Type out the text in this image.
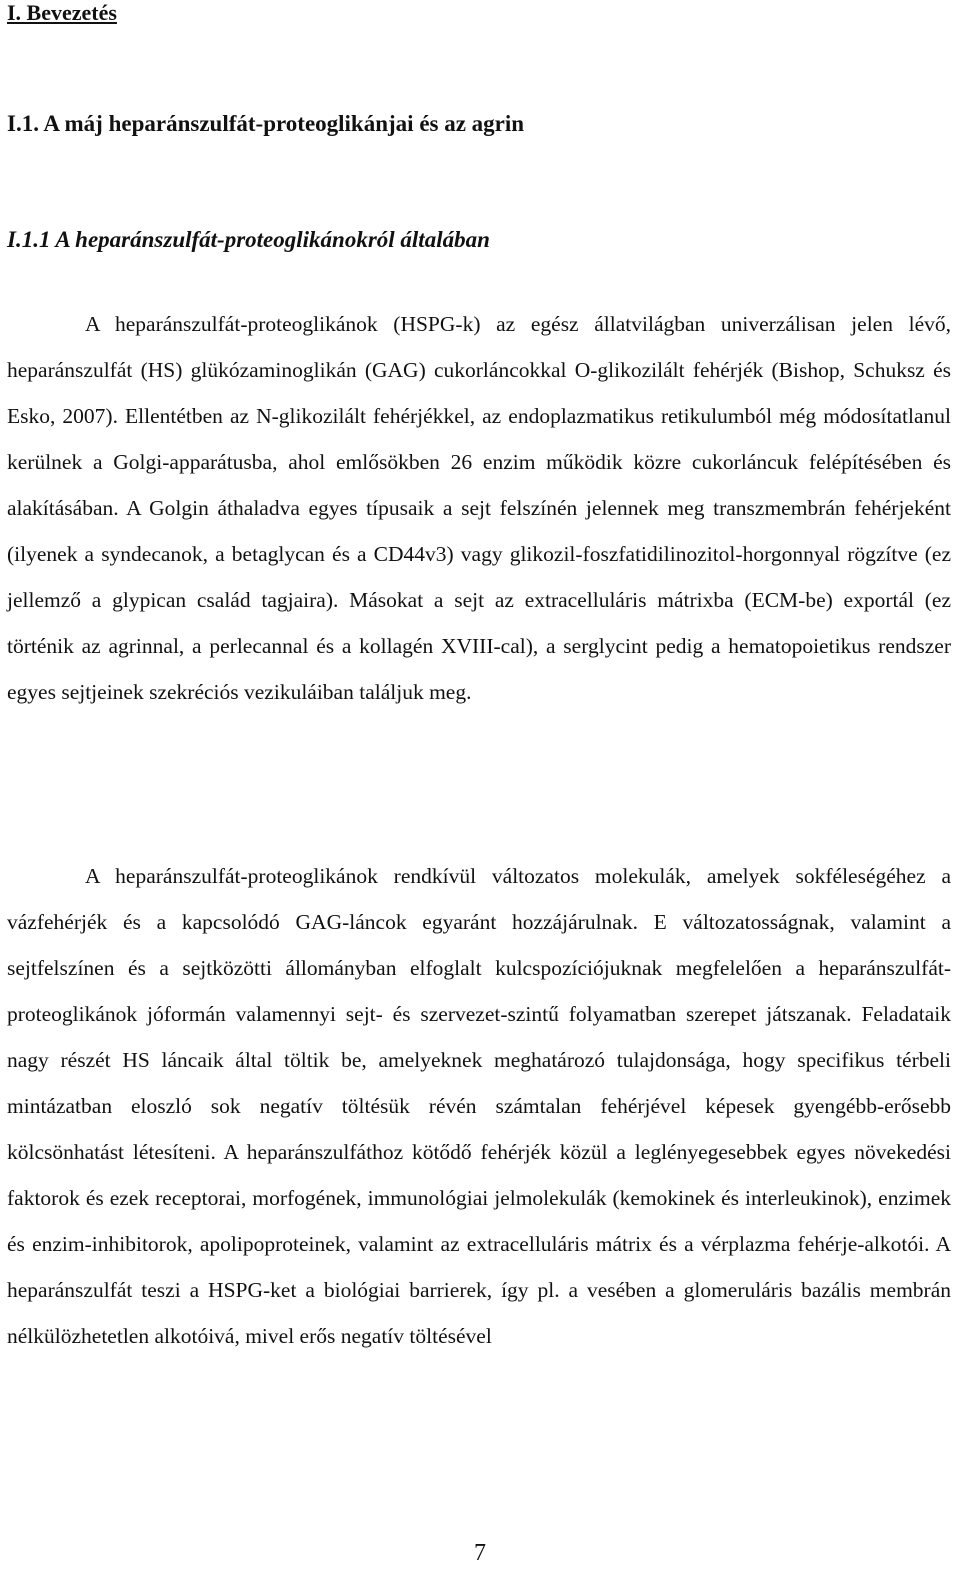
I. Bevezetés
I.1. A máj heparánszulfát-proteoglikánjai és az agrin
I.1.1 A heparánszulfát-proteoglikánokról általában

A heparánszulfát-proteoglikánok (HSPG-k) az egész állatvilágban univerzálisan jelen lévő, heparánszulfát (HS) glükózaminoglikán (GAG) cukorláncokkal O-glikozilált fehérjék (Bishop, Schuksz és Esko, 2007). Ellentétben az N-glikozilált fehérjékkel, az endoplazmatikus retikulumból még módosítatlanul kerülnek a Golgi-apparátusba, ahol emlősökben 26 enzim működik közre cukorláncuk felépítésében és alakításában. A Golgin áthaladva egyes típusaik a sejt felszínén jelennek meg transzmembrán fehérjeként (ilyenek a syndecanok, a betaglycan és a CD44v3) vagy glikozil-foszfatidilinozitol-horgonnyal rögzítve (ez jellemző a glypican család tagjaira). Másokat a sejt az extracelluláris mátrixba (ECM-be) exportál (ez történik az agrinnal, a perlecannal és a kollagén XVIII-cal), a serglycint pedig a hematopoietikus rendszer egyes sejtjeinek szekréciós vezikuláiban találjuk meg.

A heparánszulfát-proteoglikánok rendkívül változatos molekulák, amelyek sokféleségéhez a vázfehérjék és a kapcsolódó GAG-láncok egyaránt hozzájárulnak. E változatosságnak, valamint a sejtfelszínen és a sejtközötti állományban elfoglalt kulcspozíciójuknak megfelelően a heparánszulfát-proteoglikánok jóformán valamennyi sejt- és szervezet-szintű folyamatban szerepet játszanak. Feladataik nagy részét HS láncaik által töltik be, amelyeknek meghatározó tulajdonsága, hogy specifikus térbeli mintázatban eloszló sok negatív töltésük révén számtalan fehérjével képesek gyengébb-erősebb kölcsönhatást létesíteni. A heparánszulfáthoz kötődő fehérjék közül a leglényegesebbek egyes növekedési faktorok és ezek receptorai, morfogének, immunológiai jelmolekulák (kemokinek és interleukinok), enzimek és enzim-inhibitorok, apolipoproteinek, valamint az extracelluláris mátrix és a vérplazma fehérje-alkotói. A heparánszulfát teszi a HSPG-ket a biológiai barrierek, így pl. a vesében a glomeruláris bazális membrán nélkülözhetetlen alkotóivá, mivel erős negatív töltésével

7
